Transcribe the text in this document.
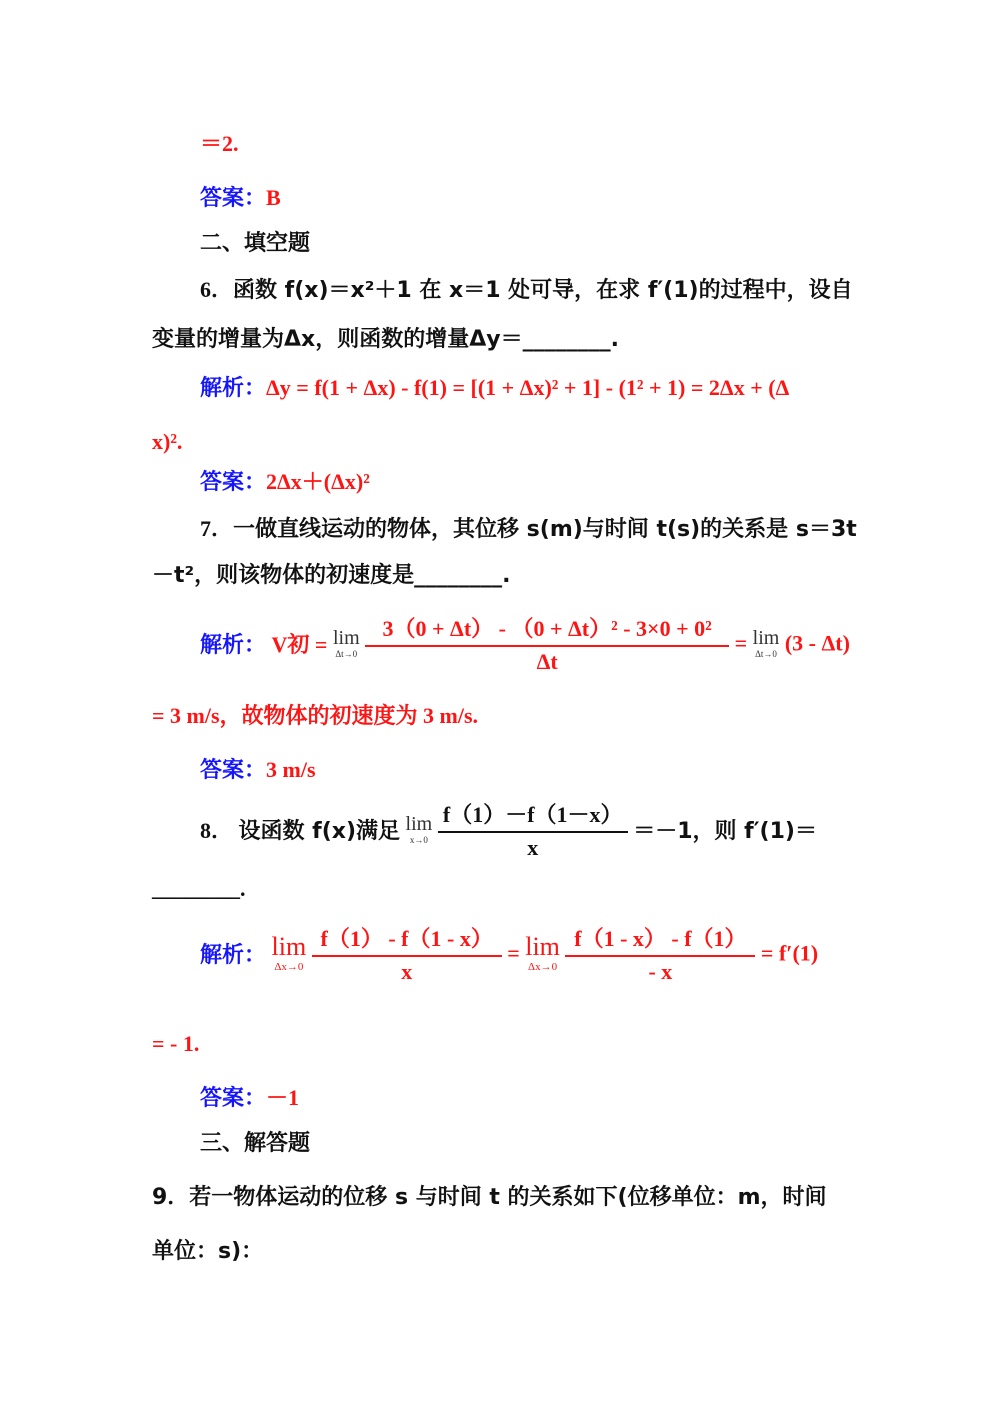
＝2.
答案：B
二、填空题
6．函数 f(x)＝x²＋1 在 x＝1 处可导，在求 f′(1)的过程中，设自
变量的增量为Δx，则函数的增量Δy＝________.
解析：Δy = f(1 + Δx) - f(1) = [(1 + Δx)² + 1] - (1² + 1) = 2Δx + (Δ
x)².
答案：2Δx＋(Δx)²
7．一做直线运动的物体，其位移 s(m)与时间 t(s)的关系是 s＝3t
－t²，则该物体的初速度是________.
解析： V初 = lim
Δt→0
$\frac{\text{3（0 + Δt） - （0 + Δt）² - 3×0 + 0²}}{\Delta t} = \lim$
Δt→0 (3 - Δt)
= 3 m/s，故物体的初速度为 3 m/s.
答案：3 m/s
8． 设函数 f(x)满足 lim
x→0
$\frac{f(1)-f(1-x)}{x} =-1$，则 f′(1)＝
________.
解析： lim
Δx→0
$\frac{f(1) - f(1 - x)}{x} = \lim$
Δx→0
$\frac{f(1 - x) - f(1)}{- x} = f'(1)$
= - 1.
答案：－1
三、解答题
9．若一物体运动的位移 s 与时间 t 的关系如下(位移单位：m，时间
单位：s)：
